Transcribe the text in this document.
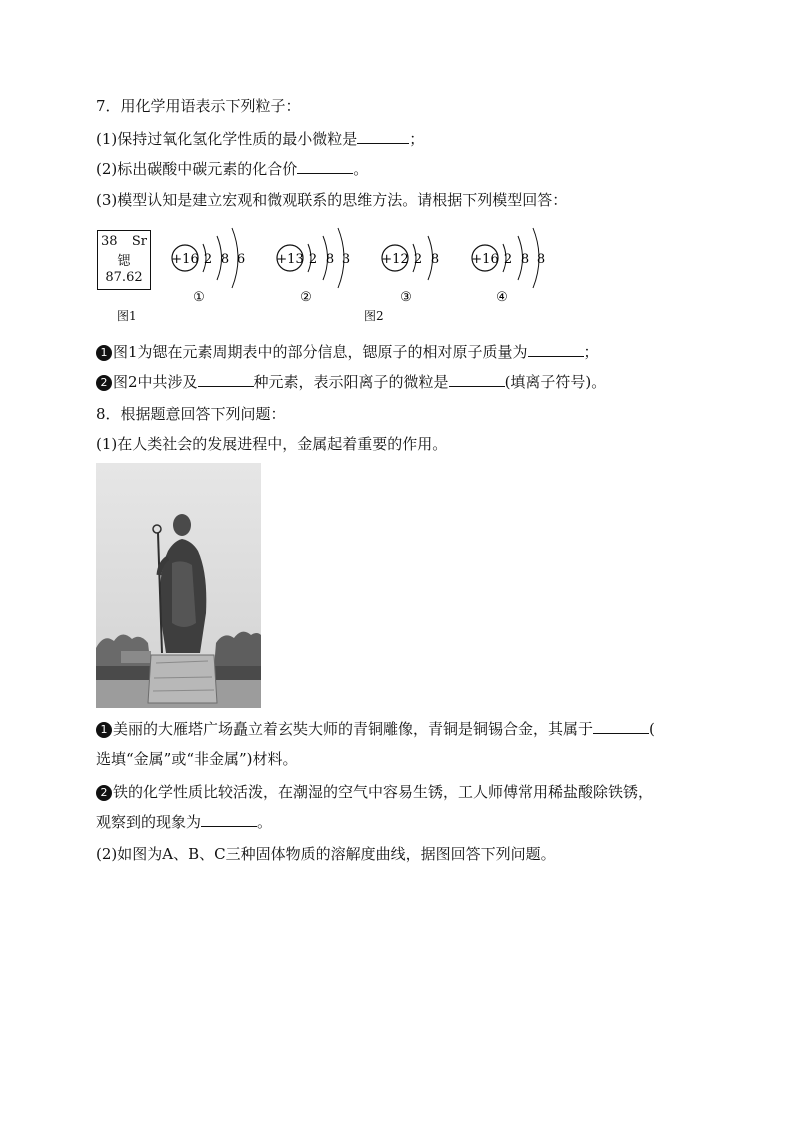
7．用化学用语表示下列粒子：
(1)保持过氧化氢化学性质的最小微粒是	；
(2)标出碳酸中碳元素的化合价	。
(3)模型认知是建立宏观和微观联系的思维方法。请根据下列模型回答：
38 Sr
锶
87.62
图1
+16 2 8 6
①
+13 2 8 3
②
+12 2 8
③
+16 2 8 8
④
图2
1 图1为锶在元素周期表中的部分信息，锶原子的相对原子质量为	；
2 图2中共涉及	种元素，表示阳离子的微粒是	(填离子符号)。
8．根据题意回答下列问题：
(1)在人类社会的发展进程中，金属起着重要的作用。
1 美丽的大雁塔广场矗立着玄奘大师的青铜雕像，青铜是铜锡合金，其属于	(
选填“金属”或“非金属”)材料。
2 铁的化学性质比较活泼，在潮湿的空气中容易生锈，工人师傅常用稀盐酸除铁锈，
观察到的现象为	。
(2)如图为A、B、C三种固体物质的溶解度曲线，据图回答下列问题。
